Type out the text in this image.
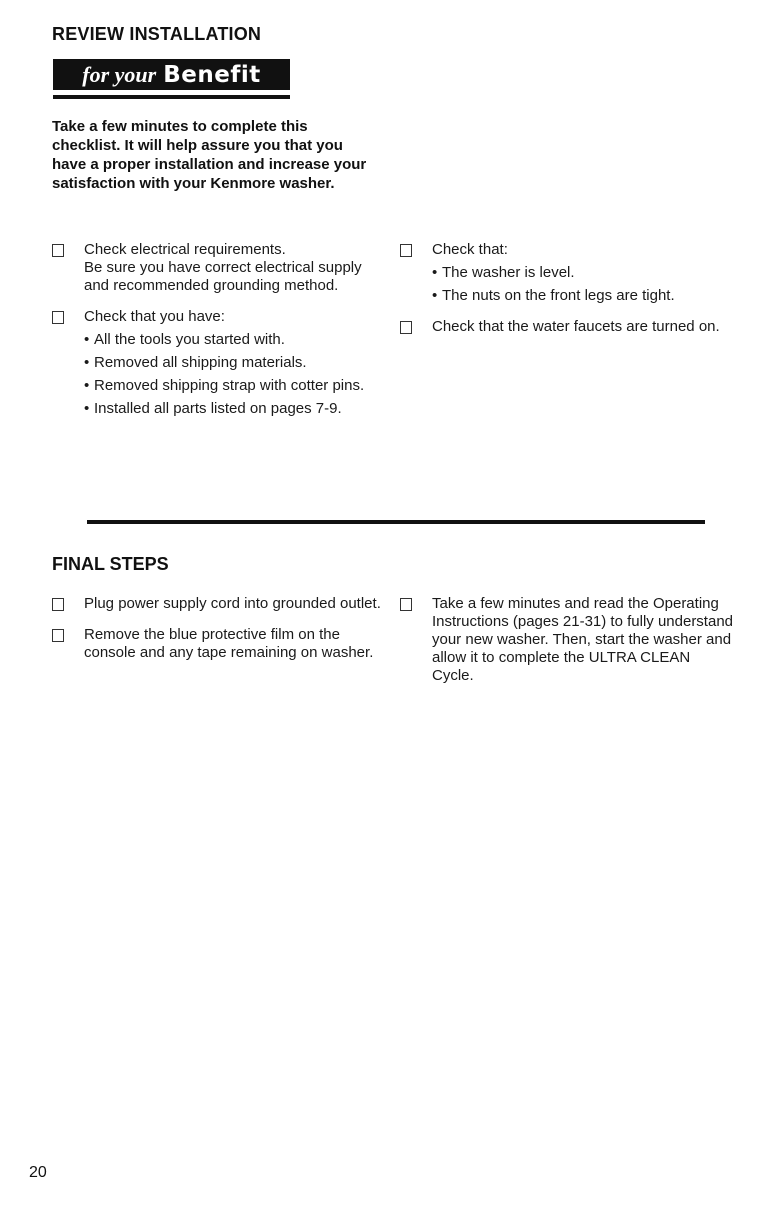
REVIEW INSTALLATION
for your Benefit

Take a few minutes to complete this checklist. It will help assure you that you have a proper installation and increase your satisfaction with your Kenmore washer.

Check electrical requirements.
Be sure you have correct electrical supply and recommended grounding method.
Check that you have:
• All the tools you started with.
• Removed all shipping materials.
• Removed shipping strap with cotter pins.
• Installed all parts listed on pages 7-9.
Check that:
• The washer is level.
• The nuts on the front legs are tight.
Check that the water faucets are turned on.
FINAL STEPS
Plug power supply cord into grounded outlet.
Remove the blue protective film on the console and any tape remaining on washer.
Take a few minutes and read the Operating Instructions (pages 21-31) to fully understand your new washer. Then, start the washer and allow it to complete the ULTRA CLEAN Cycle.
20
